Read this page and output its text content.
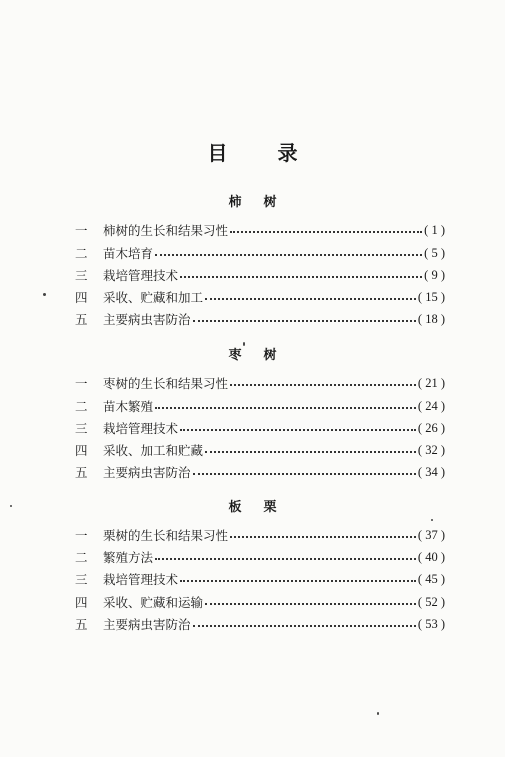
目	录
柿 树
一	柿树的生长和结果习性	( 1 )
二	苗木培育	( 5 )
三	栽培管理技术	( 9 )
四	采收、贮藏和加工	( 15 )
五	主要病虫害防治	( 18 )
枣 树
一	枣树的生长和结果习性	( 21 )
二	苗木繁殖	( 24 )
三	栽培管理技术	( 26 )
四	采收、加工和贮藏	( 32 )
五	主要病虫害防治	( 34 )
板 栗
一	栗树的生长和结果习性	( 37 )
二	繁殖方法	( 40 )
三	栽培管理技术	( 45 )
四	采收、贮藏和运输	( 52 )
五	主要病虫害防治	( 53 )
